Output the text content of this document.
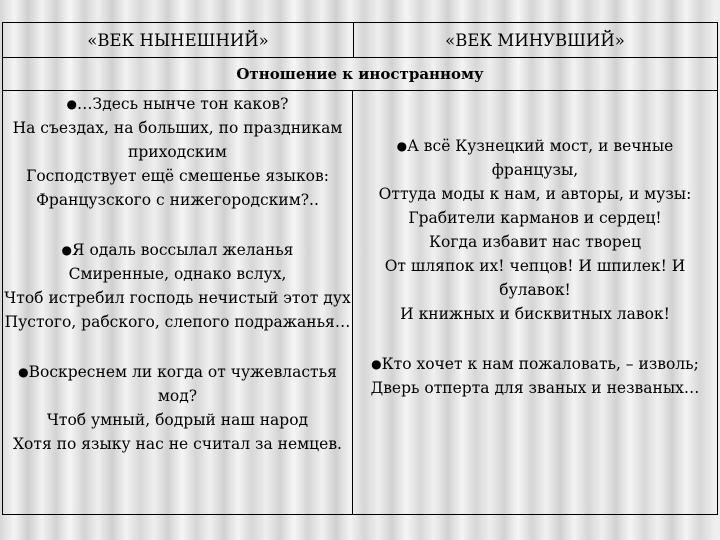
«ВЕК НЫНЕШНИЙ»	«ВЕК МИНУВШИЙ»
Отношение к иностранному
●…Здесь нынче тон каков?
На съездах, на больших, по праздникам приходским
Господствует ещё смешенье языков:
Французского с нижегородским?..
●Я одаль воссылал желанья
Смиренные, однако вслух,
Чтоб истребил господь нечистый этот дух
Пустого, рабского, слепого подражанья…
●Воскреснем ли когда от чужевластья мод?
Чтоб умный, бодрый наш народ
Хотя по языку нас не считал за немцев.
●А всё Кузнецкий мост, и вечные французы,
Оттуда моды к нам, и авторы, и музы:
Грабители карманов и сердец!
Когда избавит нас творец
От шляпок их! чепцов! И шпилек! И булавок!
И книжных и бисквитных лавок!
●Кто хочет к нам пожаловать, – изволь;
Дверь отперта для званых и незваных…
